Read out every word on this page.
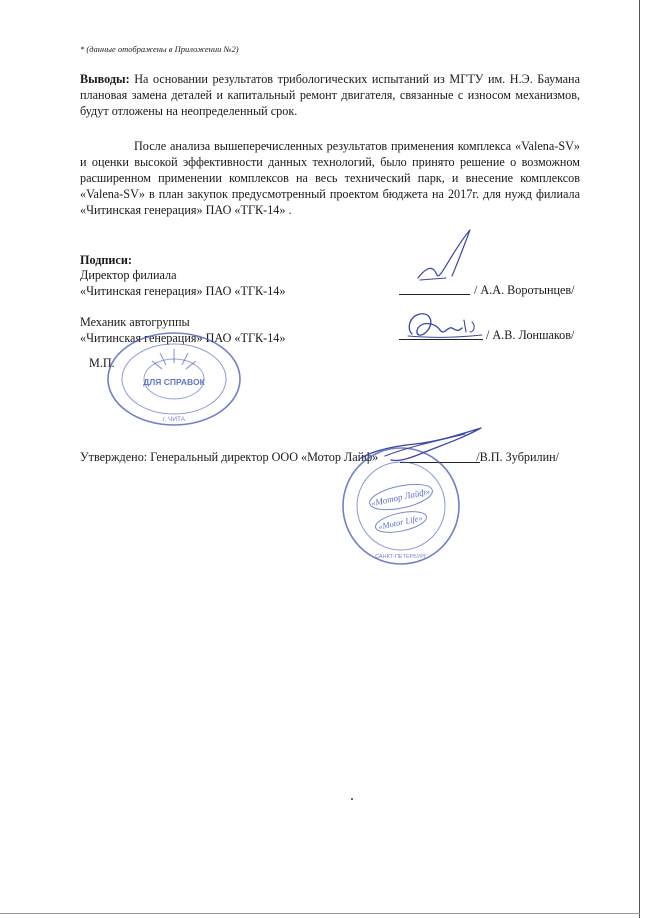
* (данные отображены в Приложении №2)

Выводы: На основании результатов трибологических испытаний из МГТУ им. Н.Э. Баумана плановая замена деталей и капитальный ремонт двигателя, связанные с износом механизмов, будут отложены на неопределенный срок.

После анализа вышеперечисленных результатов применения комплекса «Valena-SV» и оценки высокой эффективности данных технологий, было принято решение о возможном расширенном применении комплексов на весь технический парк, и внесение комплексов «Valena-SV» в план закупок предусмотренный проектом бюджета на 2017г. для нужд филиала «Читинская генерация» ПАО «ТГК-14» .

Подписи:
Директор филиала
«Читинская генерация» ПАО «ТГК-14»	/ А.А. Воротынцев/
Механик автогруппы
«Читинская генерация» ПАО «ТГК-14»	/ А.В. Лоншаков/
М.П.
Утверждено: Генеральный директор ООО «Мотор Лайф»	/В.П. Зубрилин/
ДЛЯ СПРАВОК
г. ЧИТА
«Мотор Лайф»
«Motor Life»
САНКТ-ПЕТЕРБУРГ
